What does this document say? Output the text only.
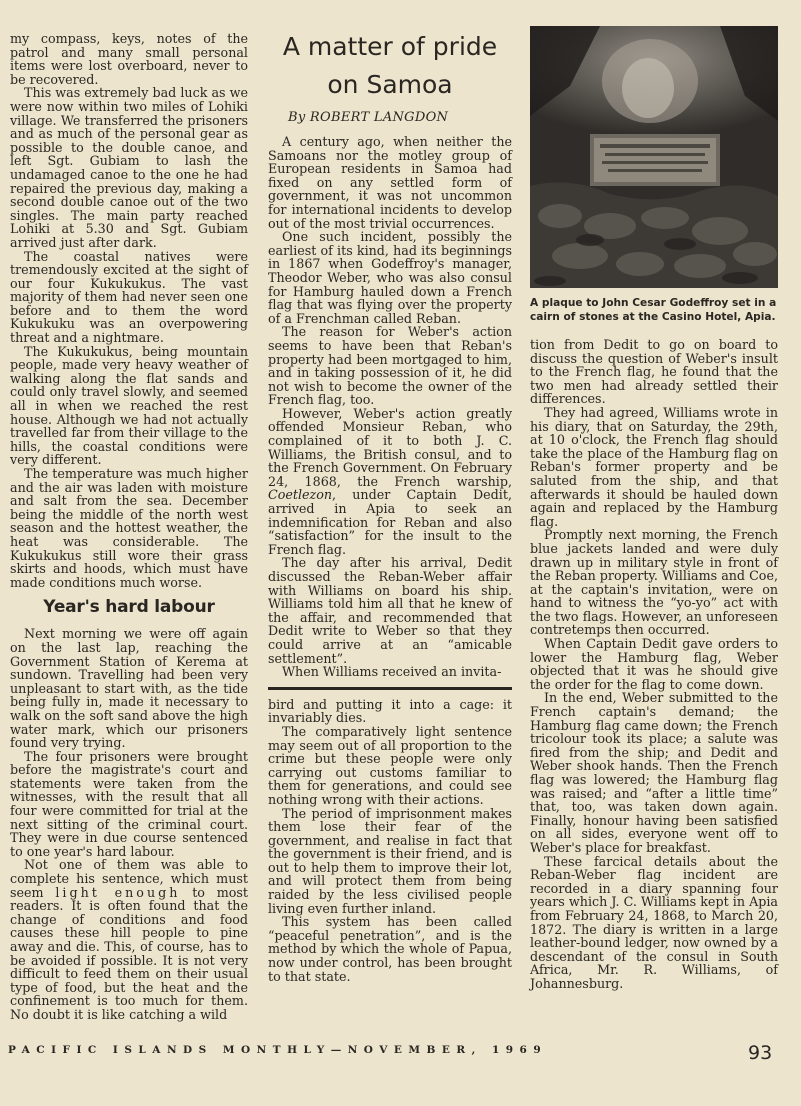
my compass, keys, notes of the patrol and many small personal items were lost overboard, never to be recovered.

This was extremely bad luck as we were now within two miles of Lohiki village. We transferred the prisoners and as much of the personal gear as possible to the double canoe, and left Sgt. Gubiam to lash the undamaged canoe to the one he had repaired the previous day, making a second double canoe out of the two singles. The main party reached Lohiki at 5.30 and Sgt. Gubiam arrived just after dark.

The coastal natives were tremendously excited at the sight of our four Kukukukus. The vast majority of them had never seen one before and to them the word Kukukuku was an overpowering threat and a nightmare.

The Kukukukus, being mountain people, made very heavy weather of walking along the flat sands and could only travel slowly, and seemed all in when we reached the rest house. Although we had not actually travelled far from their village to the hills, the coastal conditions were very different.

The temperature was much higher and the air was laden with moisture and salt from the sea. December being the middle of the north west season and the hottest weather, the heat was considerable. The Kukukukus still wore their grass skirts and hoods, which must have made conditions much worse.

Year's hard labour

Next morning we were off again on the last lap, reaching the Government Station of Kerema at sundown. Travelling had been very unpleasant to start with, as the tide being fully in, made it necessary to walk on the soft sand above the high water mark, which our prisoners found very trying.

The four prisoners were brought before the magistrate's court and statements were taken from the witnesses, with the result that all four were committed for trial at the next sitting of the criminal court. They were in due course sentenced to one year's hard labour.

Not one of them was able to complete his sentence, which must seem light enough to most readers. It is often found that the change of conditions and food causes these hill people to pine away and die. This, of course, has to be avoided if possible. It is not very difficult to feed them on their usual type of food, but the heat and the confinement is too much for them. No doubt it is like catching a wild

A matter of pride
on Samoa
By ROBERT LANGDON

A century ago, when neither the Samoans nor the motley group of European residents in Samoa had fixed on any settled form of government, it was not uncommon for international incidents to develop out of the most trivial occurrences.

One such incident, possibly the earliest of its kind, had its beginnings in 1867 when Godeffroy's manager, Theodor Weber, who was also consul for Hamburg hauled down a French flag that was flying over the property of a Frenchman called Reban.

The reason for Weber's action seems to have been that Reban's property had been mortgaged to him, and in taking possession of it, he did not wish to become the owner of the French flag, too.

However, Weber's action greatly offended Monsieur Reban, who complained of it to both J. C. Williams, the British consul, and to the French Government. On February 24, 1868, the French warship, Coetlezon, under Captain Dedit, arrived in Apia to seek an indemnification for Reban and also “satisfaction” for the insult to the French flag.

The day after his arrival, Dedit discussed the Reban-Weber affair with Williams on board his ship. Williams told him all that he knew of the affair, and recommended that Dedit write to Weber so that they could arrive at an “amicable settlement”.

When Williams received an invita-

bird and putting it into a cage: it invariably dies.

The comparatively light sentence may seem out of all proportion to the crime but these people were only carrying out customs familiar to them for generations, and could see nothing wrong with their actions.

The period of imprisonment makes them lose their fear of the government, and realise in fact that the government is their friend, and is out to help them to improve their lot, and will protect them from being raided by the less civilised people living even further inland.

This system has been called “peaceful penetration”, and is the method by which the whole of Papua, now under control, has been brought to that state.

A plaque to John Cesar Godeffroy set in a cairn of stones at the Casino Hotel, Apia.

tion from Dedit to go on board to discuss the question of Weber's insult to the French flag, he found that the two men had already settled their differences.

They had agreed, Williams wrote in his diary, that on Saturday, the 29th, at 10 o'clock, the French flag should take the place of the Hamburg flag on Reban's former property and be saluted from the ship, and that afterwards it should be hauled down again and replaced by the Hamburg flag.

Promptly next morning, the French blue jackets landed and were duly drawn up in military style in front of the Reban property. Williams and Coe, at the captain's invitation, were on hand to witness the “yo-yo” act with the two flags. However, an unforeseen contretemps then occurred.

When Captain Dedit gave orders to lower the Hamburg flag, Weber objected that it was he should give the order for the flag to come down.

In the end, Weber submitted to the French captain's demand; the Hamburg flag came down; the French tricolour took its place; a salute was fired from the ship; and Dedit and Weber shook hands. Then the French flag was lowered; the Hamburg flag was raised; and “after a little time” that, too, was taken down again. Finally, honour having been satisfied on all sides, everyone went off to Weber's place for breakfast.

These farcical details about the Reban-Weber flag incident are recorded in a diary spanning four years which J. C. Williams kept in Apia from February 24, 1868, to March 20, 1872. The diary is written in a large leather-bound ledger, now owned by a descendant of the consul in South Africa, Mr. R. Williams, of Johannesburg.

PACIFIC ISLANDS MONTHLY—NOVEMBER, 1969	93
